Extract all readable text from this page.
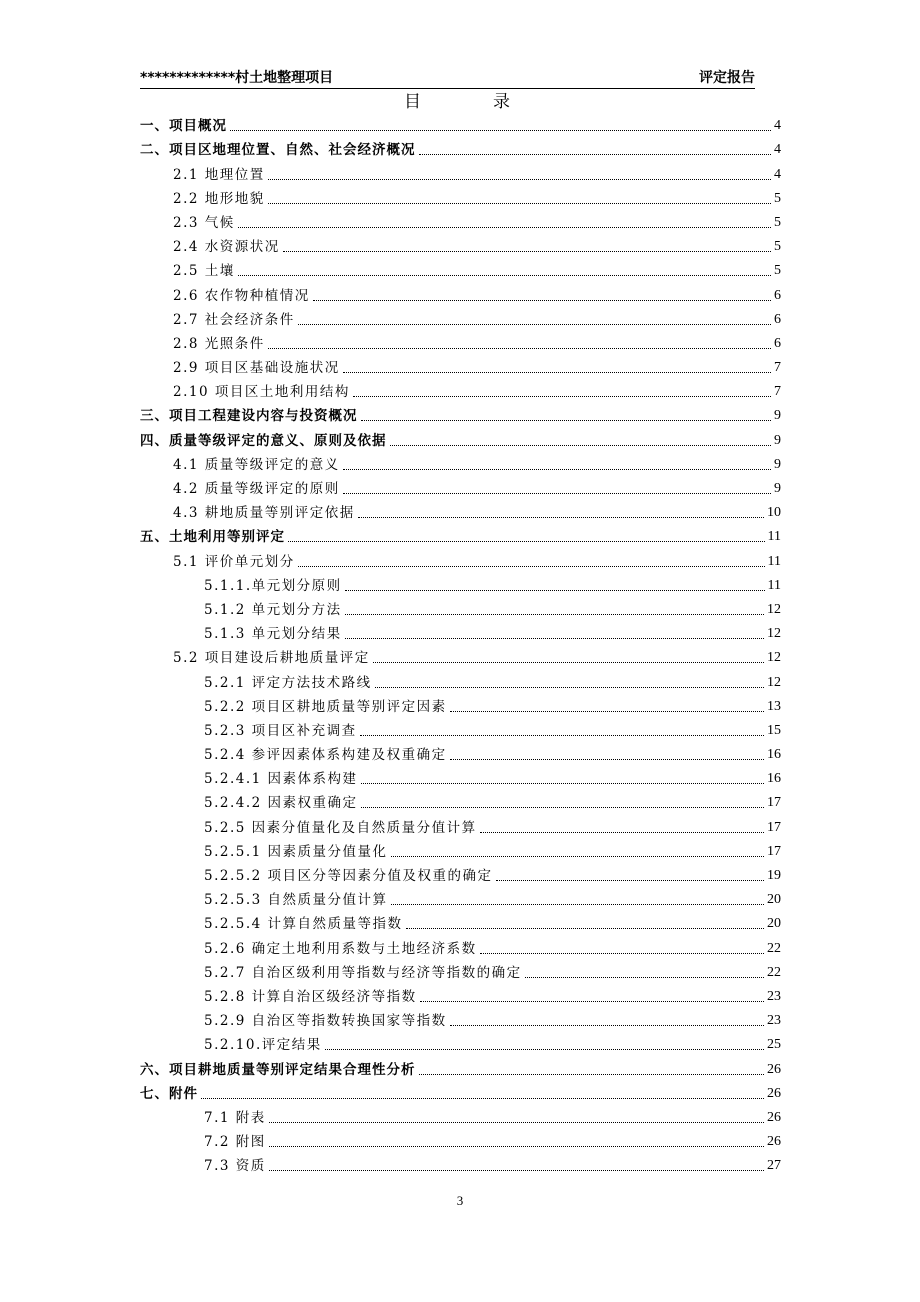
*************村土地整理项目	评定报告
目	录
一、项目概况	4
二、项目区地理位置、自然、社会经济概况	4
2.1 地理位置	4
2.2 地形地貌	5
2.3 气候	5
2.4 水资源状况	5
2.5 土壤	5
2.6 农作物种植情况	6
2.7 社会经济条件	6
2.8 光照条件	6
2.9 项目区基础设施状况	7
2.10 项目区土地利用结构	7
三、项目工程建设内容与投资概况	9
四、质量等级评定的意义、原则及依据	9
4.1 质量等级评定的意义	9
4.2 质量等级评定的原则	9
4.3 耕地质量等别评定依据	10
五、土地利用等别评定	11
5.1 评价单元划分	11
5.1.1.单元划分原则	11
5.1.2 单元划分方法	12
5.1.3 单元划分结果	12
5.2 项目建设后耕地质量评定	12
5.2.1 评定方法技术路线	12
5.2.2 项目区耕地质量等别评定因素	13
5.2.3 项目区补充调查	15
5.2.4 参评因素体系构建及权重确定	16
5.2.4.1 因素体系构建	16
5.2.4.2 因素权重确定	17
5.2.5 因素分值量化及自然质量分值计算	17
5.2.5.1 因素质量分值量化	17
5.2.5.2 项目区分等因素分值及权重的确定	19
5.2.5.3 自然质量分值计算	20
5.2.5.4 计算自然质量等指数	20
5.2.6 确定土地利用系数与土地经济系数	22
5.2.7 自治区级利用等指数与经济等指数的确定	22
5.2.8 计算自治区级经济等指数	23
5.2.9 自治区等指数转换国家等指数	23
5.2.10.评定结果	25
六、项目耕地质量等别评定结果合理性分析	26
七、附件	26
7.1 附表	26
7.2 附图	26
7.3 资质	27
3
